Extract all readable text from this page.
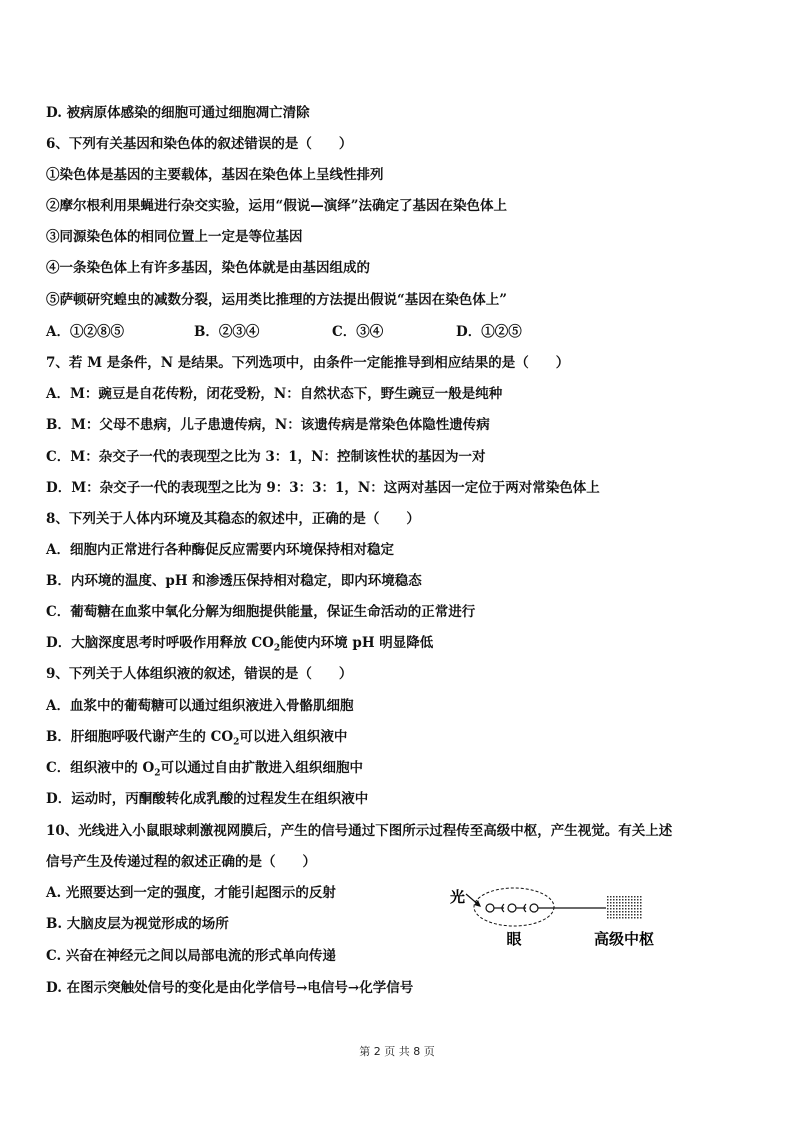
D. 被病原体感染的细胞可通过细胞凋亡清除
6、下列有关基因和染色体的叙述错误的是（　　）
①染色体是基因的主要载体，基因在染色体上呈线性排列
②摩尔根利用果蝇进行杂交实验，运用“假说—演绎”法确定了基因在染色体上
③同源染色体的相同位置上一定是等位基因
④一条染色体上有许多基因，染色体就是由基因组成的
⑤萨顿研究蝗虫的减数分裂，运用类比推理的方法提出假说“基因在染色体上”
A．①②⑧⑤	B．②③④	C．③④	D．①②⑤
7、若 M 是条件，N 是结果。下列选项中，由条件一定能推导到相应结果的是（　　）
A．M：豌豆是自花传粉，闭花受粉，N：自然状态下，野生豌豆一般是纯种
B．M：父母不患病，儿子患遗传病，N：该遗传病是常染色体隐性遗传病
C．M：杂交子一代的表现型之比为 3：1，N：控制该性状的基因为一对
D．M：杂交子一代的表现型之比为 9：3：3：1，N：这两对基因一定位于两对常染色体上
8、下列关于人体内环境及其稳态的叙述中，正确的是（　　）
A．细胞内正常进行各种酶促反应需要内环境保持相对稳定
B．内环境的温度、pH 和渗透压保持相对稳定，即内环境稳态
C．葡萄糖在血浆中氧化分解为细胞提供能量，保证生命活动的正常进行
D．大脑深度思考时呼吸作用释放 $CO_2$能使内环境 pH 明显降低
9、下列关于人体组织液的叙述，错误的是（　　）
A．血浆中的葡萄糖可以通过组织液进入骨骼肌细胞
B．肝细胞呼吸代谢产生的 $CO_2$可以进入组织液中
C．组织液中的 $O_2$可以通过自由扩散进入组织细胞中
D．运动时，丙酮酸转化成乳酸的过程发生在组织液中
10、光线进入小鼠眼球刺激视网膜后，产生的信号通过下图所示过程传至高级中枢，产生视觉。有关上述
信号产生及传递过程的叙述正确的是（　　）
A. 光照要达到一定的强度，才能引起图示的反射
B. 大脑皮层为视觉形成的场所
C. 兴奋在神经元之间以局部电流的形式单向传递
D. 在图示突触处信号的变化是由化学信号→电信号→化学信号
光
眼	高级中枢
第 2 页 共 8 页
